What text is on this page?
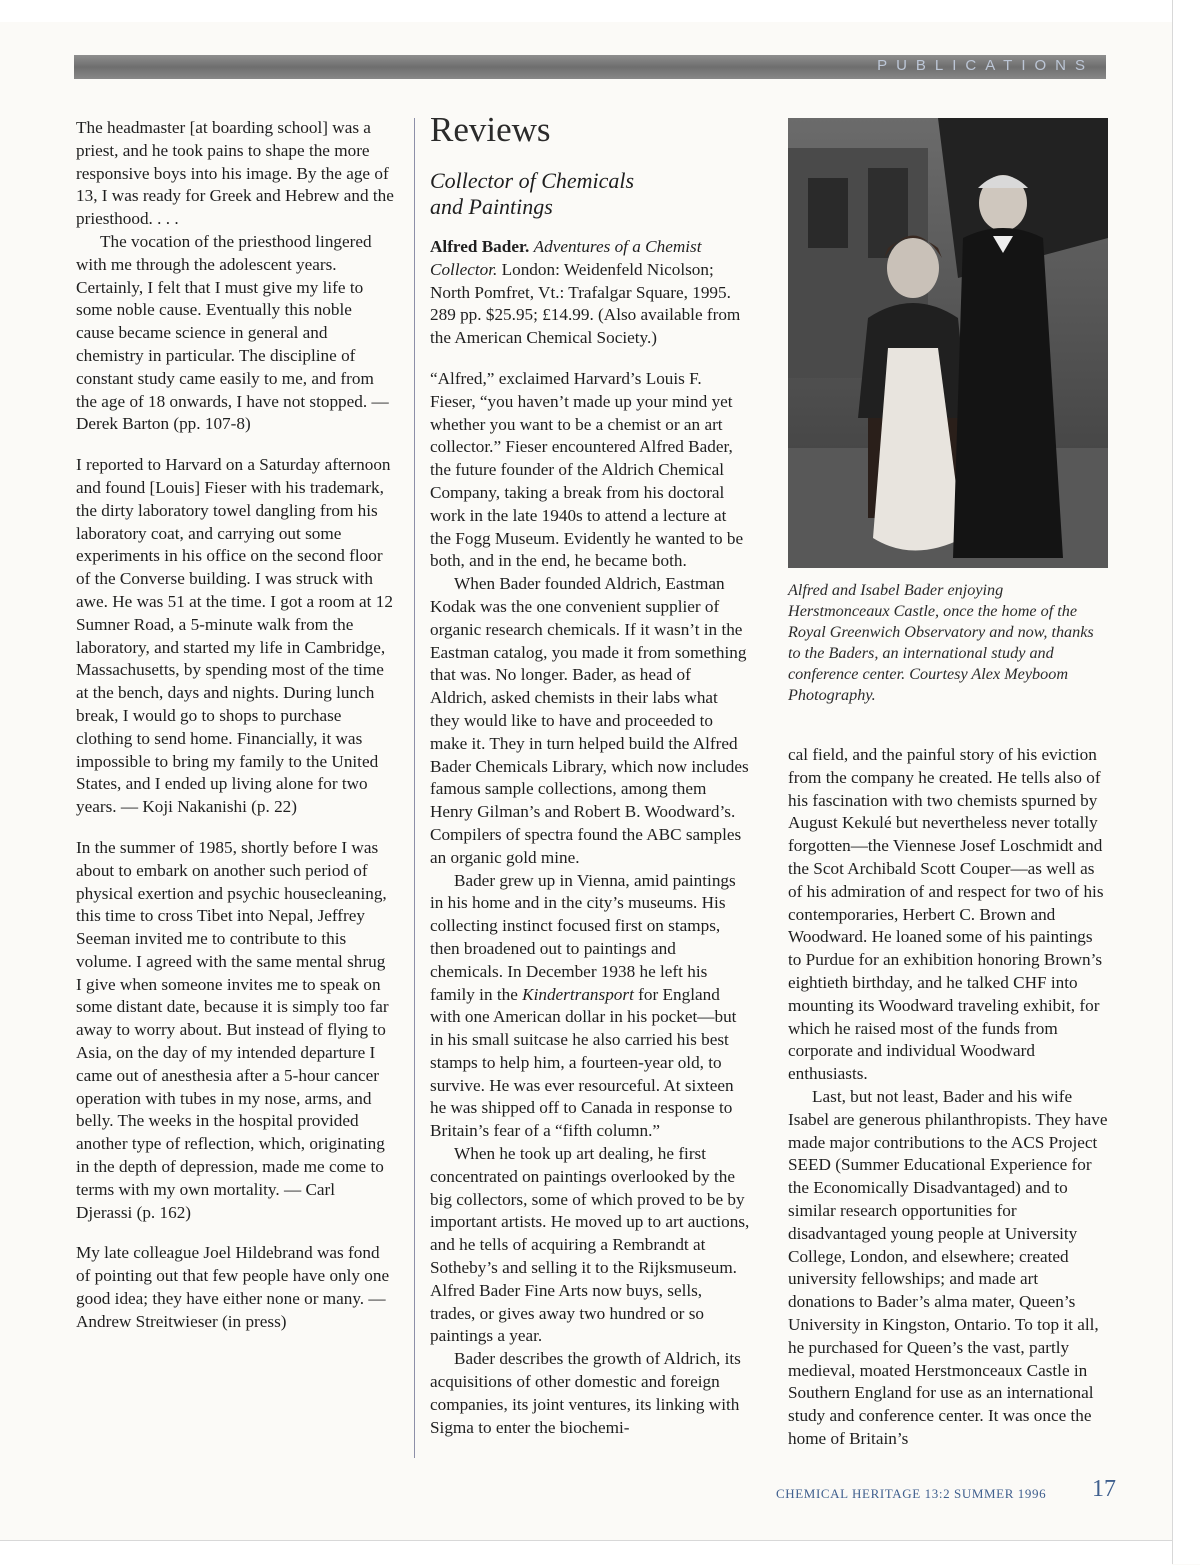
PUBLICATIONS

The headmaster [at boarding school] was a priest, and he took pains to shape the more responsive boys into his image. By the age of 13, I was ready for Greek and Hebrew and the priesthood. . . .

The vocation of the priesthood lingered with me through the adolescent years. Certainly, I felt that I must give my life to some noble cause. Eventually this noble cause became science in general and chemistry in particular. The discipline of constant study came easily to me, and from the age of 18 onwards, I have not stopped. — Derek Barton (pp. 107-8)

I reported to Harvard on a Saturday afternoon and found [Louis] Fieser with his trademark, the dirty laboratory towel dangling from his laboratory coat, and carrying out some experiments in his office on the second floor of the Converse building. I was struck with awe. He was 51 at the time. I got a room at 12 Sumner Road, a 5-minute walk from the laboratory, and started my life in Cambridge, Massachusetts, by spending most of the time at the bench, days and nights. During lunch break, I would go to shops to purchase clothing to send home. Financially, it was impossible to bring my family to the United States, and I ended up living alone for two years. — Koji Nakanishi (p. 22)

In the summer of 1985, shortly before I was about to embark on another such period of physical exertion and psychic housecleaning, this time to cross Tibet into Nepal, Jeffrey Seeman invited me to contribute to this volume. I agreed with the same mental shrug I give when someone invites me to speak on some distant date, because it is simply too far away to worry about. But instead of flying to Asia, on the day of my intended departure I came out of anesthesia after a 5-hour cancer operation with tubes in my nose, arms, and belly. The weeks in the hospital provided another type of reflection, which, originating in the depth of depression, made me come to terms with my own mortality. — Carl Djerassi (p. 162)

My late colleague Joel Hildebrand was fond of pointing out that few people have only one good idea; they have either none or many. — Andrew Streitwieser (in press)

Reviews
Collector of Chemicals
and Paintings

Alfred Bader. Adventures of a Chemist Collector. London: Weidenfeld Nicolson; North Pomfret, Vt.: Trafalgar Square, 1995. 289 pp. $25.95; £14.99. (Also available from the American Chemical Society.)

“Alfred,” exclaimed Harvard’s Louis F. Fieser, “you haven’t made up your mind yet whether you want to be a chemist or an art collector.” Fieser encountered Alfred Bader, the future founder of the Aldrich Chemical Company, taking a break from his doctoral work in the late 1940s to attend a lecture at the Fogg Museum. Evidently he wanted to be both, and in the end, he became both.

When Bader founded Aldrich, Eastman Kodak was the one convenient supplier of organic research chemicals. If it wasn’t in the Eastman catalog, you made it from something that was. No longer. Bader, as head of Aldrich, asked chemists in their labs what they would like to have and proceeded to make it. They in turn helped build the Alfred Bader Chemicals Library, which now includes famous sample collections, among them Henry Gilman’s and Robert B. Woodward’s. Compilers of spectra found the ABC samples an organic gold mine.

Bader grew up in Vienna, amid paintings in his home and in the city’s museums. His collecting instinct focused first on stamps, then broadened out to paintings and chemicals. In December 1938 he left his family in the Kindertransport for England with one American dollar in his pocket—but in his small suitcase he also carried his best stamps to help him, a fourteen-year old, to survive. He was ever resourceful. At sixteen he was shipped off to Canada in response to Britain’s fear of a “fifth column.”

When he took up art dealing, he first concentrated on paintings overlooked by the big collectors, some of which proved to be by important artists. He moved up to art auctions, and he tells of acquiring a Rembrandt at Sotheby’s and selling it to the Rijksmuseum. Alfred Bader Fine Arts now buys, sells, trades, or gives away two hundred or so paintings a year.

Bader describes the growth of Aldrich, its acquisitions of other domestic and foreign companies, its joint ventures, its linking with Sigma to enter the biochemi-

Alfred and Isabel Bader enjoying Herstmonceaux Castle, once the home of the Royal Greenwich Observatory and now, thanks to the Baders, an international study and conference center. Courtesy Alex Meyboom Photography.

cal field, and the painful story of his eviction from the company he created. He tells also of his fascination with two chemists spurned by August Kekulé but nevertheless never totally forgotten—the Viennese Josef Loschmidt and the Scot Archibald Scott Couper—as well as of his admiration of and respect for two of his contemporaries, Herbert C. Brown and Woodward. He loaned some of his paintings to Purdue for an exhibition honoring Brown’s eightieth birthday, and he talked CHF into mounting its Woodward traveling exhibit, for which he raised most of the funds from corporate and individual Woodward enthusiasts.

Last, but not least, Bader and his wife Isabel are generous philanthropists. They have made major contributions to the ACS Project SEED (Summer Educational Experience for the Economically Disadvantaged) and to similar research opportunities for disadvantaged young people at University College, London, and elsewhere; created university fellowships; and made art donations to Bader’s alma mater, Queen’s University in Kingston, Ontario. To top it all, he purchased for Queen’s the vast, partly medieval, moated Herstmonceaux Castle in Southern England for use as an international study and conference center. It was once the home of Britain’s

CHEMICAL HERITAGE 13:2 SUMMER 1996 17
